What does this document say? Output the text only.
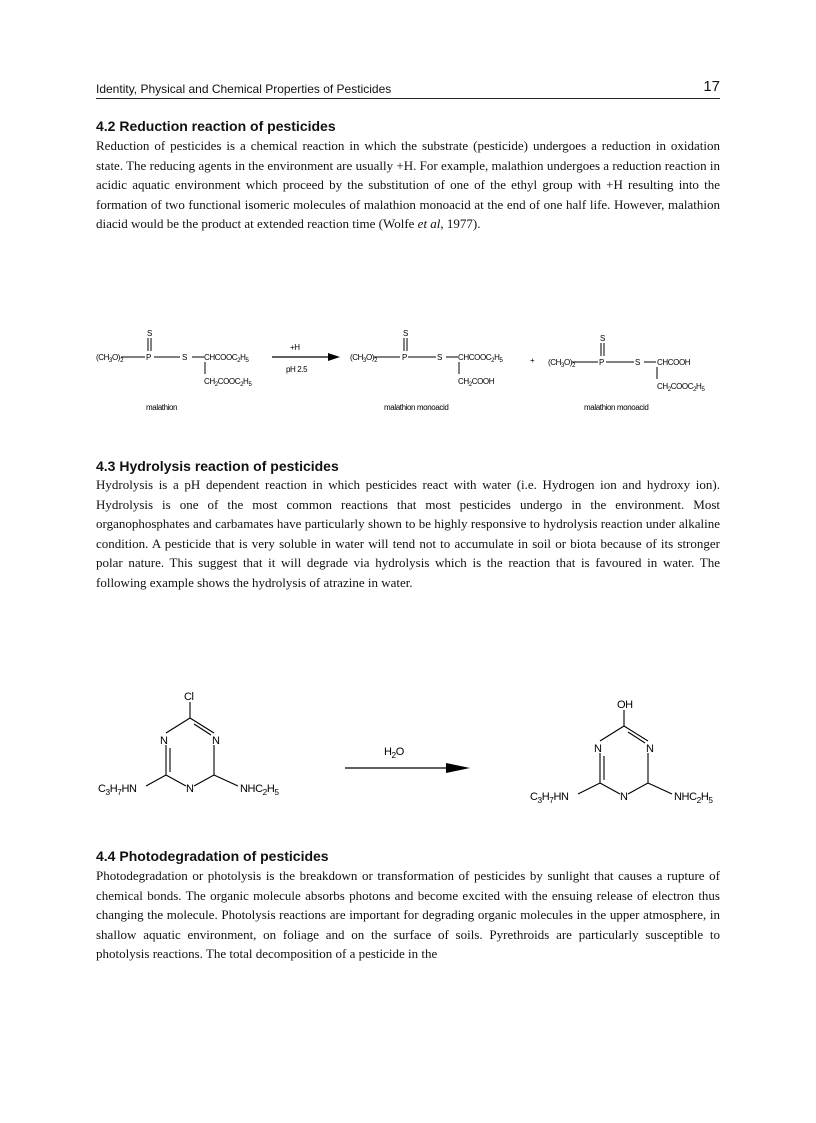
Identity, Physical and Chemical Properties of Pesticides	17
4.2 Reduction reaction of pesticides

Reduction of pesticides is a chemical reaction in which the substrate (pesticide) undergoes a reduction in oxidation state. The reducing agents in the environment are usually +H. For example, malathion undergoes a reduction reaction in acidic aquatic environment which proceed by the substitution of one of the ethyl group with +H resulting into the formation of two functional isomeric molecules of malathion monoacid at the end of one half life. However, malathion diacid would be the product at extended reaction time (Wolfe et al, 1977).

S
$(CH_3O)_2$	P	S $CHCOOC_2H_5$
$CH_2COOC_2H_5$
malathion
+H
pH 2.5
S
$(CH_3O)_2$	P	S $CHCOOC_2H_5$
$CH_2COOH$
malathion monoacid
+
S
$(CH_3O)_2$	P	S CHCOOH
$CH_2COOC_2H_5$
malathion monoacid
4.3 Hydrolysis reaction of pesticides

Hydrolysis is a pH dependent reaction in which pesticides react with water (i.e. Hydrogen ion and hydroxy ion). Hydrolysis is one of the most common reactions that most pesticides undergo in the environment. Most organophosphates and carbamates have particularly shown to be highly responsive to hydrolysis reaction under alkaline condition. A pesticide that is very soluble in water will tend not to accumulate in soil or biota because of its stronger polar nature. This suggest that it will degrade via hydrolysis which is the reaction that is favoured in water. The following example shows the hydrolysis of atrazine in water.

Cl
N	N
N
$C_3H_7HN$	$NHC_2H_5$
$H_2O$
OH
N	N
N
$C_3H_7HN$	$NHC_2H_5$
4.4 Photodegradation of pesticides

Photodegradation or photolysis is the breakdown or transformation of pesticides by sunlight that causes a rupture of chemical bonds. The organic molecule absorbs photons and become excited with the ensuing release of electron thus changing the molecule. Photolysis reactions are important for degrading organic molecules in the upper atmosphere, in shallow aquatic environment, on foliage and on the surface of soils. Pyrethroids are particularly susceptible to photolysis reactions. The total decomposition of a pesticide in the
